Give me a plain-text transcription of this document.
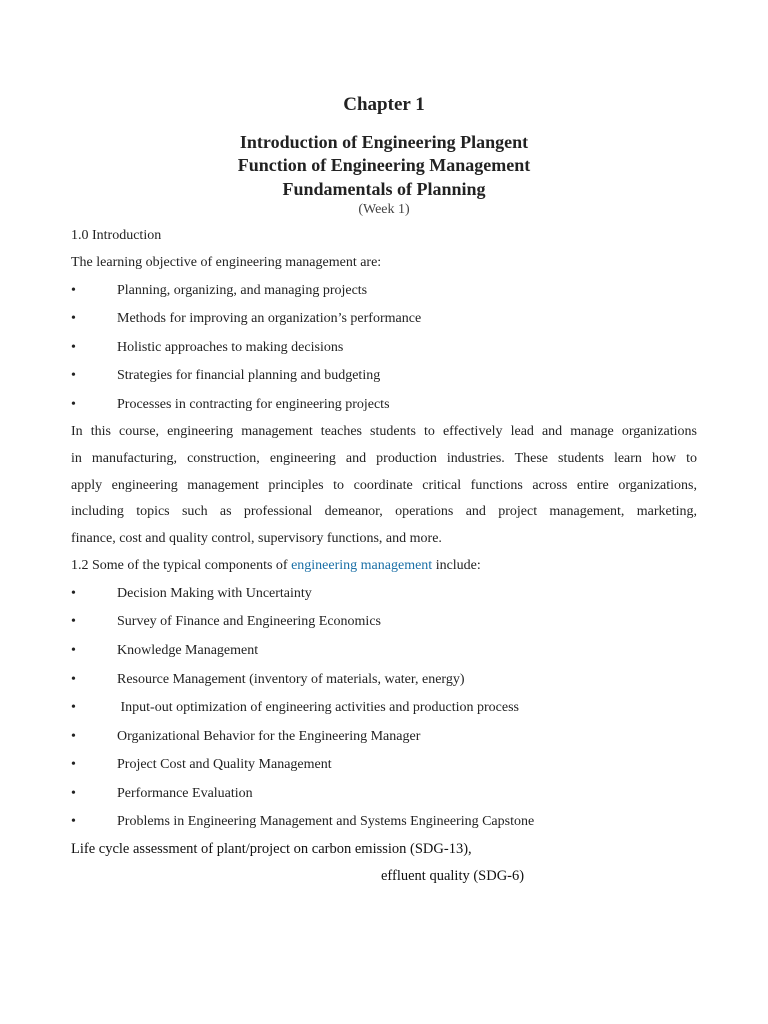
Chapter 1
Introduction of Engineering Plangent
Function of Engineering Management
Fundamentals of Planning
(Week 1)
1.0 Introduction
The learning objective of engineering management are:
•	Planning, organizing, and managing projects
•	Methods for improving an organization’s performance
•	Holistic approaches to making decisions
•	Strategies for financial planning and budgeting
•	Processes in contracting for engineering projects
In this course, engineering management teaches students to effectively lead and manage organizations
in manufacturing, construction, engineering and production industries. These students learn how to
apply engineering management principles to coordinate critical functions across entire organizations,
including topics such as professional demeanor, operations and project management, marketing,
finance, cost and quality control, supervisory functions, and more.
1.2 Some of the typical components of engineering management include:
•	Decision Making with Uncertainty
•	Survey of Finance and Engineering Economics
•	Knowledge Management
•	Resource Management (inventory of materials, water, energy)
•	Input-out optimization of engineering activities and production process
•	Organizational Behavior for the Engineering Manager
•	Project Cost and Quality Management
•	Performance Evaluation
•	Problems in Engineering Management and Systems Engineering Capstone
Life cycle assessment of plant/project on carbon emission (SDG-13),
effluent quality (SDG-6)
